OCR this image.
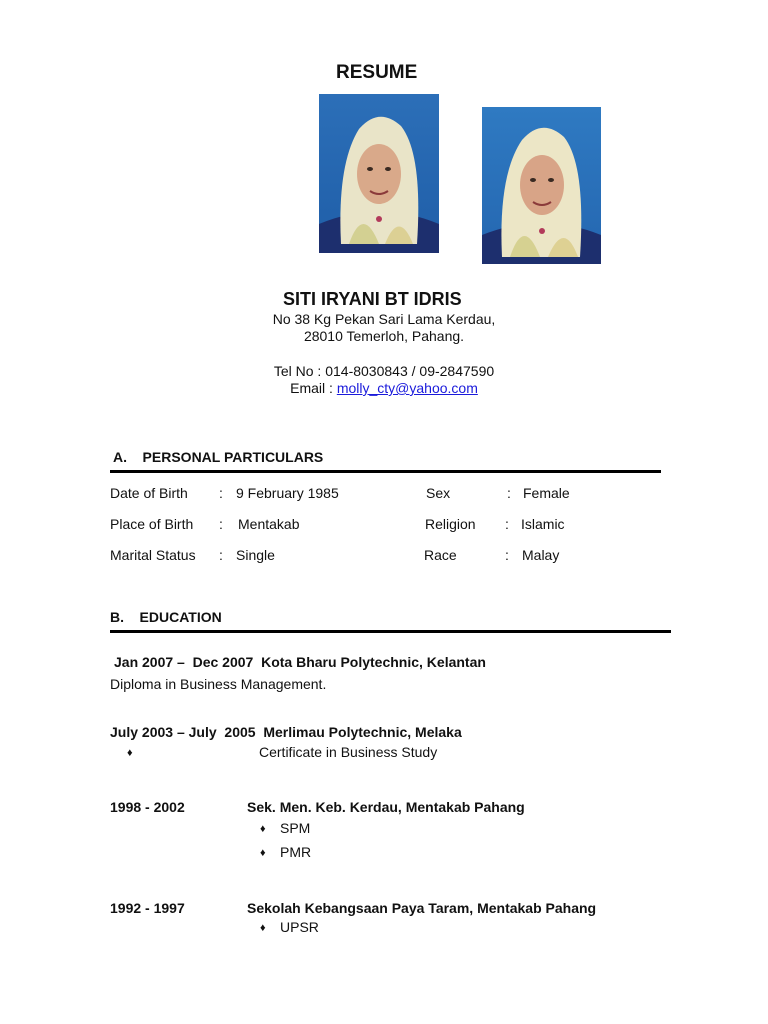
RESUME
SITI IRYANI BT IDRIS
No 38 Kg Pekan Sari Lama Kerdau,
28010 Temerloh, Pahang.
Tel No : 014-8030843 / 09-2847590
Email : molly_cty@yahoo.com
A.    PERSONAL PARTICULARS
Date of Birth : 9 February 1985	Sex	: Female
Place of Birth : Mentakab	Religion : Islamic
Marital Status : Single	Race	: Malay
B.    EDUCATION
Jan 2007 –  Dec 2007  Kota Bharu Polytechnic, Kelantan
Diploma in Business Management.
July 2003 – July  2005  Merlimau Polytechnic, Melaka
♦	Certificate in Business Study
1998 - 2002	Sek. Men. Keb. Kerdau, Mentakab Pahang
♦ SPM
♦ PMR
1992 - 1997	Sekolah Kebangsaan Paya Taram, Mentakab Pahang
♦ UPSR
